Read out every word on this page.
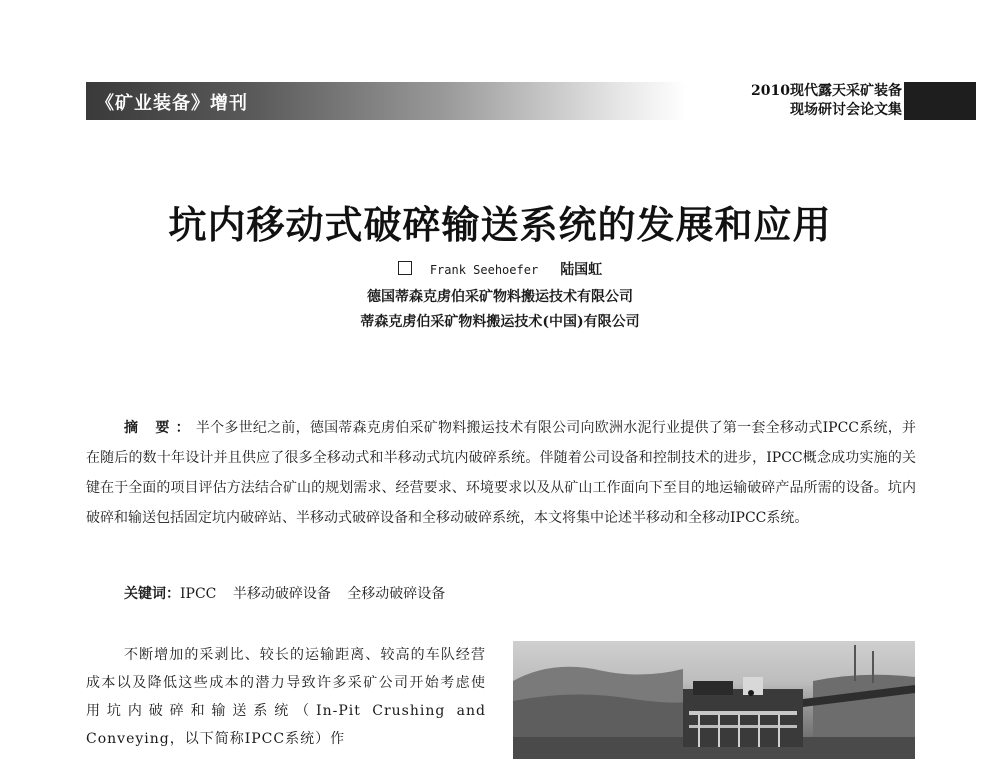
《矿业装备》增刊
2010现代露天采矿装备
现场研讨会论文集
坑内移动式破碎输送系统的发展和应用
Frank Seehoefer 陆国虹
德国蒂森克虏伯采矿物料搬运技术有限公司
蒂森克虏伯采矿物料搬运技术(中国)有限公司
摘 要：半个多世纪之前，德国蒂森克虏伯采矿物料搬运技术有限公司向欧洲水泥行业提供了第一套全移动式IPCC系统，并在随后的数十年设计并且供应了很多全移动式和半移动式坑内破碎系统。伴随着公司设备和控制技术的进步，IPCC概念成功实施的关键在于全面的项目评估方法结合矿山的规划需求、经营要求、环境要求以及从矿山工作面向下至目的地运输破碎产品所需的设备。坑内破碎和输送包括固定坑内破碎站、半移动式破碎设备和全移动破碎系统，本文将集中论述半移动和全移动IPCC系统。
关键词：IPCC 半移动破碎设备 全移动破碎设备
不断增加的采剥比、较长的运输距离、较高的车队经营成本以及降低这些成本的潜力导致许多采矿公司开始考虑使用坑内破碎和输送系统（In-Pit Crushing and Conveying，以下简称IPCC系统）作
